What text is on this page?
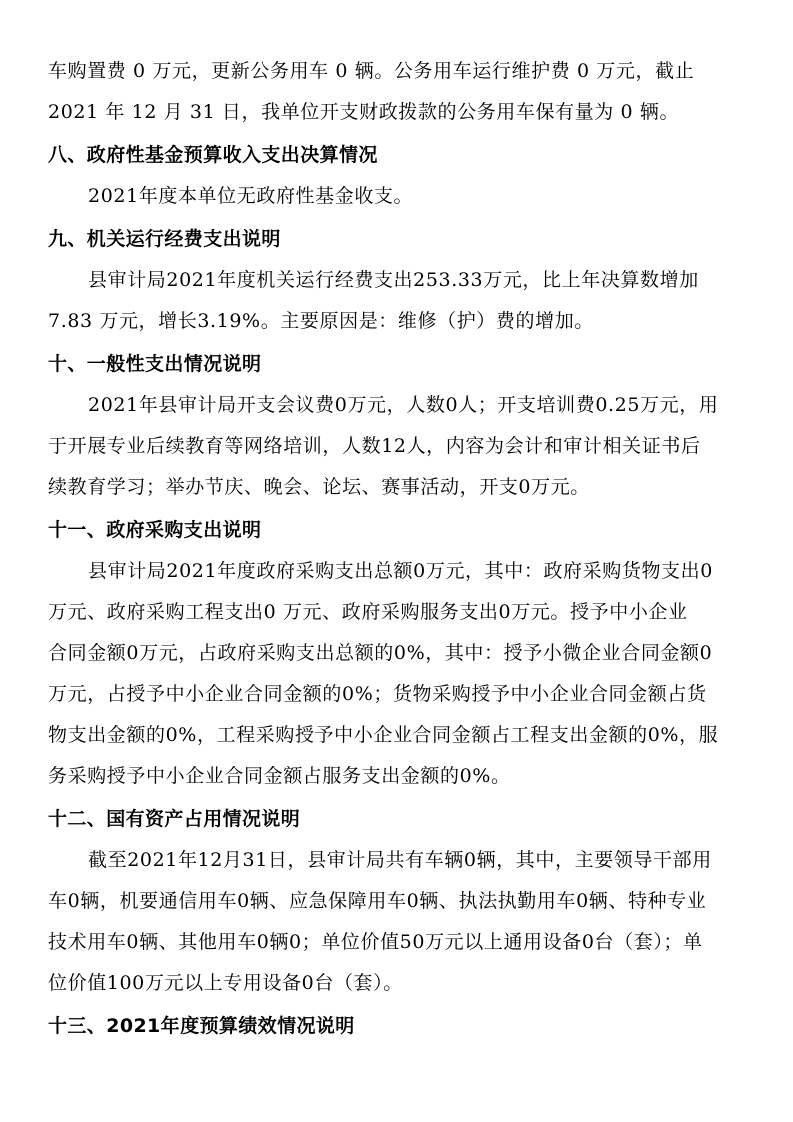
车购置费 0 万元，更新公务用车 0 辆。公务用车运行维护费 0 万元，截止
2021 年 12 月 31 日，我单位开支财政拨款的公务用车保有量为 0 辆。
八、政府性基金预算收入支出决算情况
2021年度本单位无政府性基金收支。
九、机关运行经费支出说明
县审计局2021年度机关运行经费支出253.33万元，比上年决算数增加
7.83 万元，增长3.19%。主要原因是：维修（护）费的增加。
十、一般性支出情况说明
2021年县审计局开支会议费0万元，人数0人；开支培训费0.25万元，用
于开展专业后续教育等网络培训，人数12人，内容为会计和审计相关证书后
续教育学习；举办节庆、晚会、论坛、赛事活动，开支0万元。
十一、政府采购支出说明
县审计局2021年度政府采购支出总额0万元，其中：政府采购货物支出0
万元、政府采购工程支出0 万元、政府采购服务支出0万元。授予中小企业
合同金额0万元，占政府采购支出总额的0%，其中：授予小微企业合同金额0
万元，占授予中小企业合同金额的0%；货物采购授予中小企业合同金额占货
物支出金额的0%，工程采购授予中小企业合同金额占工程支出金额的0%，服
务采购授予中小企业合同金额占服务支出金额的0%。
十二、国有资产占用情况说明
截至2021年12月31日，县审计局共有车辆0辆，其中，主要领导干部用
车0辆，机要通信用车0辆、应急保障用车0辆、执法执勤用车0辆、特种专业
技术用车0辆、其他用车0辆0；单位价值50万元以上通用设备0台（套）；单
位价值100万元以上专用设备0台（套）。
十三、2021年度预算绩效情况说明
